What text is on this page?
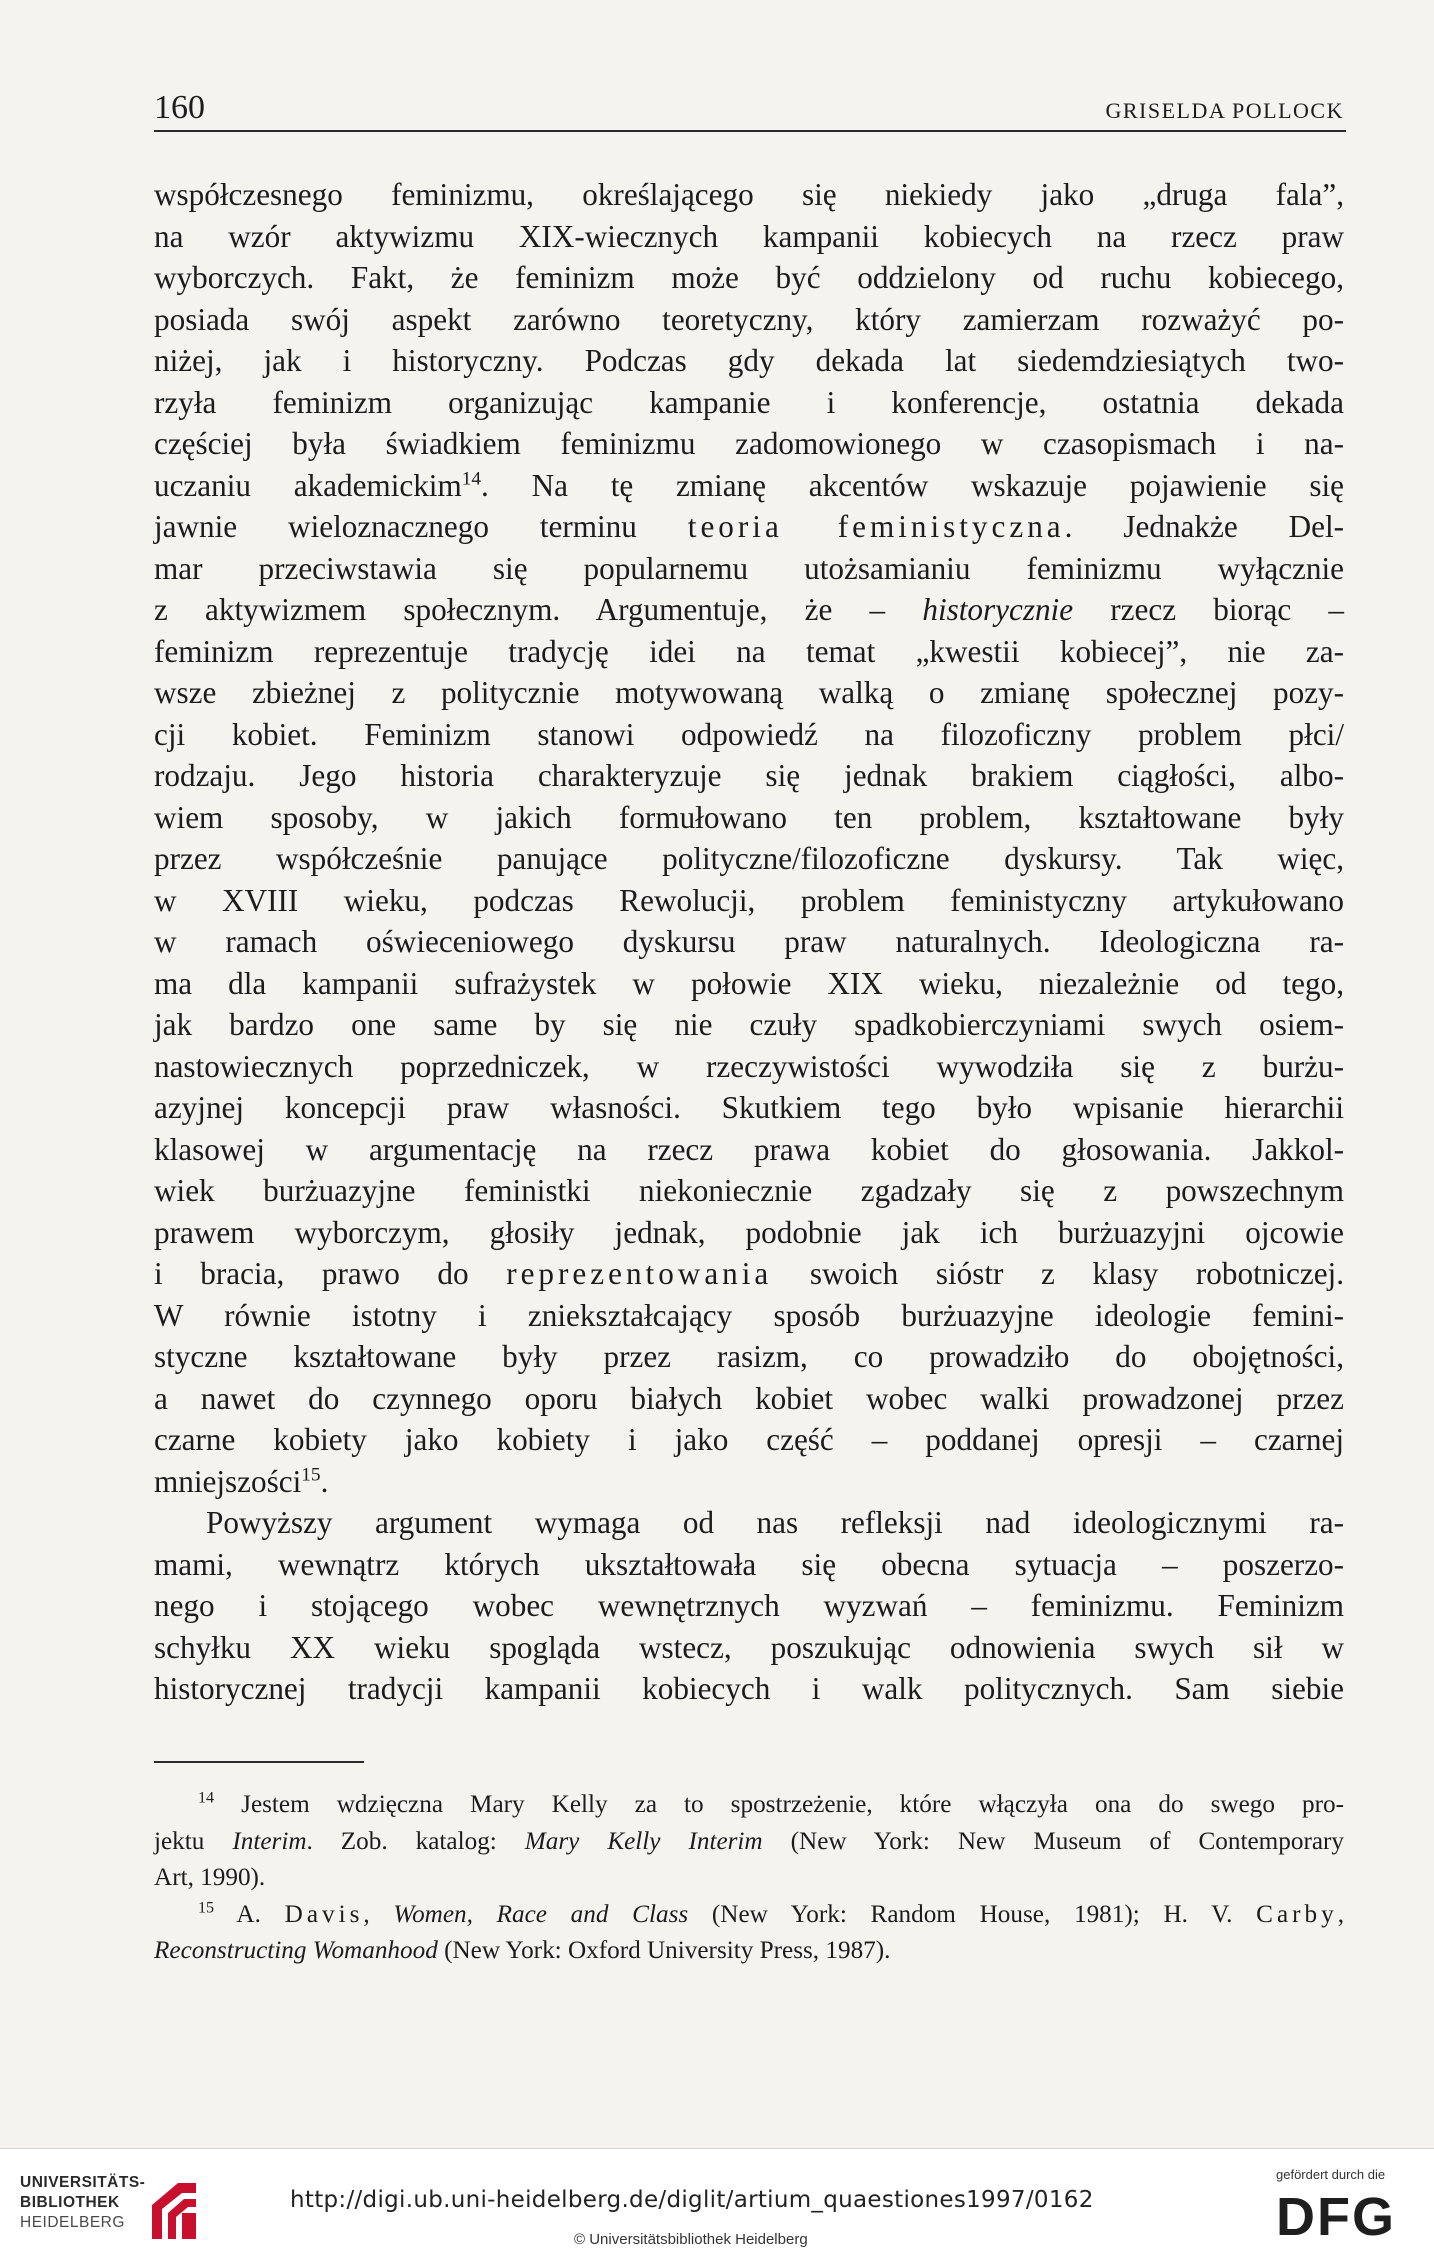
160	GRISELDA POLLOCK

współczesnego feminizmu, określającego się niekiedy jako „druga fala”,

na wzór aktywizmu XIX-wiecznych kampanii kobiecych na rzecz praw

wyborczych. Fakt, że feminizm może być oddzielony od ruchu kobiecego,

posiada swój aspekt zarówno teoretyczny, który zamierzam rozważyć po-

niżej, jak i historyczny. Podczas gdy dekada lat siedemdziesiątych two-

rzyła feminizm organizując kampanie i konferencje, ostatnia dekada

częściej była świadkiem feminizmu zadomowionego w czasopismach i na-

uczaniu akademickim$^{14}$. Na tę zmianę akcentów wskazuje pojawienie się

jawnie wieloznacznego terminu teoria feministyczna. Jednakże Del-

mar przeciwstawia się popularnemu utożsamianiu feminizmu wyłącznie

z aktywizmem społecznym. Argumentuje, że – historycznie rzecz biorąc –

feminizm reprezentuje tradycję idei na temat „kwestii kobiecej”, nie za-

wsze zbieżnej z politycznie motywowaną walką o zmianę społecznej pozy-

cji kobiet. Feminizm stanowi odpowiedź na filozoficzny problem płci/

rodzaju. Jego historia charakteryzuje się jednak brakiem ciągłości, albo-

wiem sposoby, w jakich formułowano ten problem, kształtowane były

przez współcześnie panujące polityczne/filozoficzne dyskursy. Tak więc,

w XVIII wieku, podczas Rewolucji, problem feministyczny artykułowano

w ramach oświeceniowego dyskursu praw naturalnych. Ideologiczna ra-

ma dla kampanii sufrażystek w połowie XIX wieku, niezależnie od tego,

jak bardzo one same by się nie czuły spadkobierczyniami swych osiem-

nastowiecznych poprzedniczek, w rzeczywistości wywodziła się z burżu-

azyjnej koncepcji praw własności. Skutkiem tego było wpisanie hierarchii

klasowej w argumentację na rzecz prawa kobiet do głosowania. Jakkol-

wiek burżuazyjne feministki niekoniecznie zgadzały się z powszechnym

prawem wyborczym, głosiły jednak, podobnie jak ich burżuazyjni ojcowie

i bracia, prawo do reprezentowania swoich sióstr z klasy robotniczej.

W równie istotny i zniekształcający sposób burżuazyjne ideologie femini-

styczne kształtowane były przez rasizm, co prowadziło do obojętności,

a nawet do czynnego oporu białych kobiet wobec walki prowadzonej przez

czarne kobiety jako kobiety i jako część – poddanej opresji – czarnej

mniejszości$^{15}$.

Powyższy argument wymaga od nas refleksji nad ideologicznymi ra-

mami, wewnątrz których ukształtowała się obecna sytuacja – poszerzo-

nego i stojącego wobec wewnętrznych wyzwań – feminizmu. Feminizm

schyłku XX wieku spogląda wstecz, poszukując odnowienia swych sił w

historycznej tradycji kampanii kobiecych i walk politycznych. Sam siebie

$^{14}$ Jestem wdzięczna Mary Kelly za to spostrzeżenie, które włączyła ona do swego pro-

jektu Interim. Zob. katalog: Mary Kelly Interim (New York: New Museum of Contemporary

Art, 1990).

$^{15}$ A. Davis, Women, Race and Class (New York: Random House, 1981); H. V. Carby,

Reconstructing Womanhood (New York: Oxford University Press, 1987).

UNIVERSITÄTS-
BIBLIOTHEK
HEIDELBERG
http://digi.ub.uni-heidelberg.de/diglit/artium_quaestiones1997/0162
© Universitätsbibliothek Heidelberg
gefördert durch die
DFG
